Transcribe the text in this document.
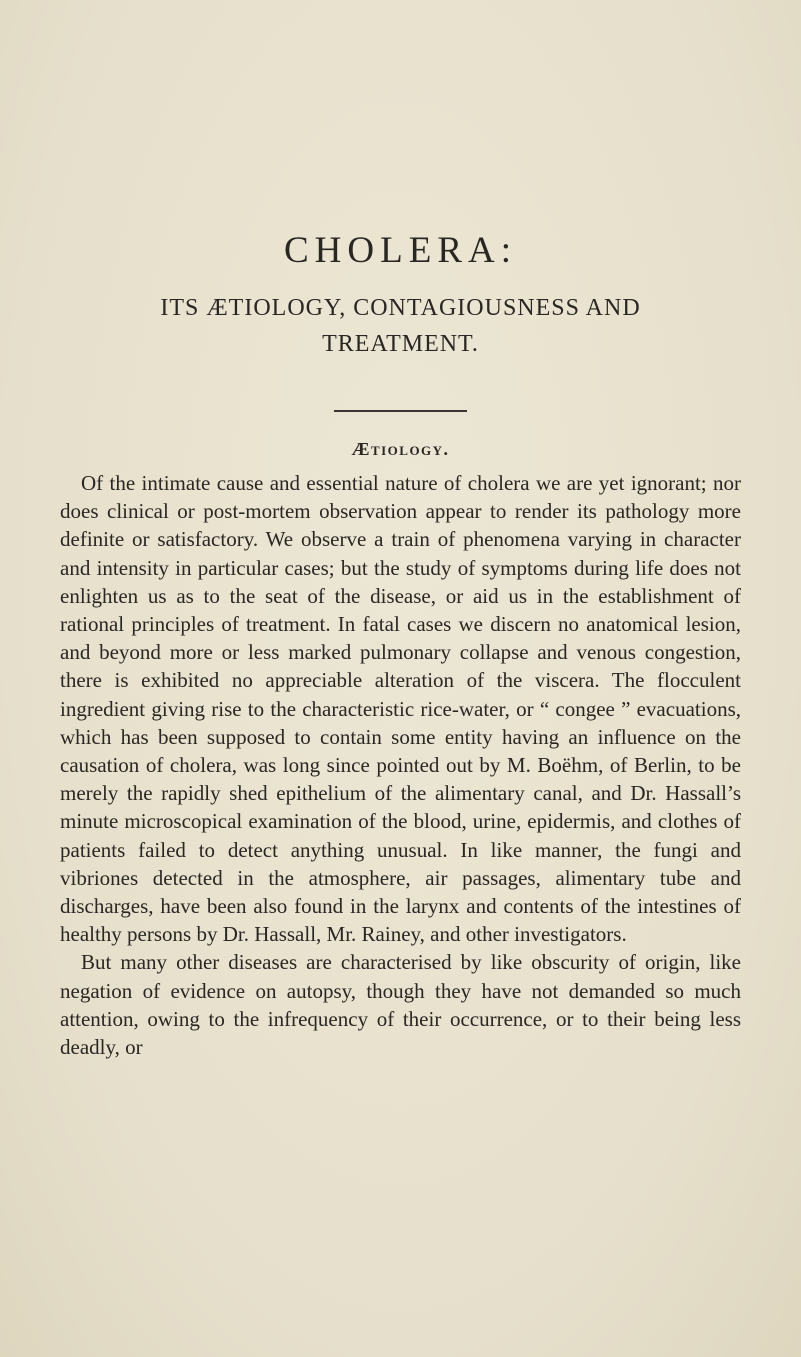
CHOLERA:
ITS ÆTIOLOGY, CONTAGIOUSNESS AND
TREATMENT.
Ætiology.

Of the intimate cause and essential nature of cholera we are yet ignorant; nor does clinical or post-mortem observation appear to render its pathology more definite or satisfactory. We observe a train of phenomena varying in character and intensity in particular cases; but the study of symptoms during life does not enlighten us as to the seat of the disease, or aid us in the establishment of rational principles of treatment. In fatal cases we discern no anatomical lesion, and beyond more or less marked pulmonary collapse and venous congestion, there is exhibited no appreciable alteration of the viscera. The flocculent ingredient giving rise to the characteristic rice-water, or “ congee ” evacuations, which has been supposed to contain some entity having an influence on the causation of cholera, was long since pointed out by M. Boëhm, of Berlin, to be merely the rapidly shed epithelium of the alimentary canal, and Dr. Hassall’s minute microscopical examination of the blood, urine, epidermis, and clothes of patients failed to detect anything unusual. In like manner, the fungi and vibriones detected in the atmosphere, air passages, alimentary tube and discharges, have been also found in the larynx and contents of the intestines of healthy persons by Dr. Hassall, Mr. Rainey, and other investigators.

But many other diseases are characterised by like obscurity of origin, like negation of evidence on autopsy, though they have not demanded so much attention, owing to the infrequency of their occurrence, or to their being less deadly, or
